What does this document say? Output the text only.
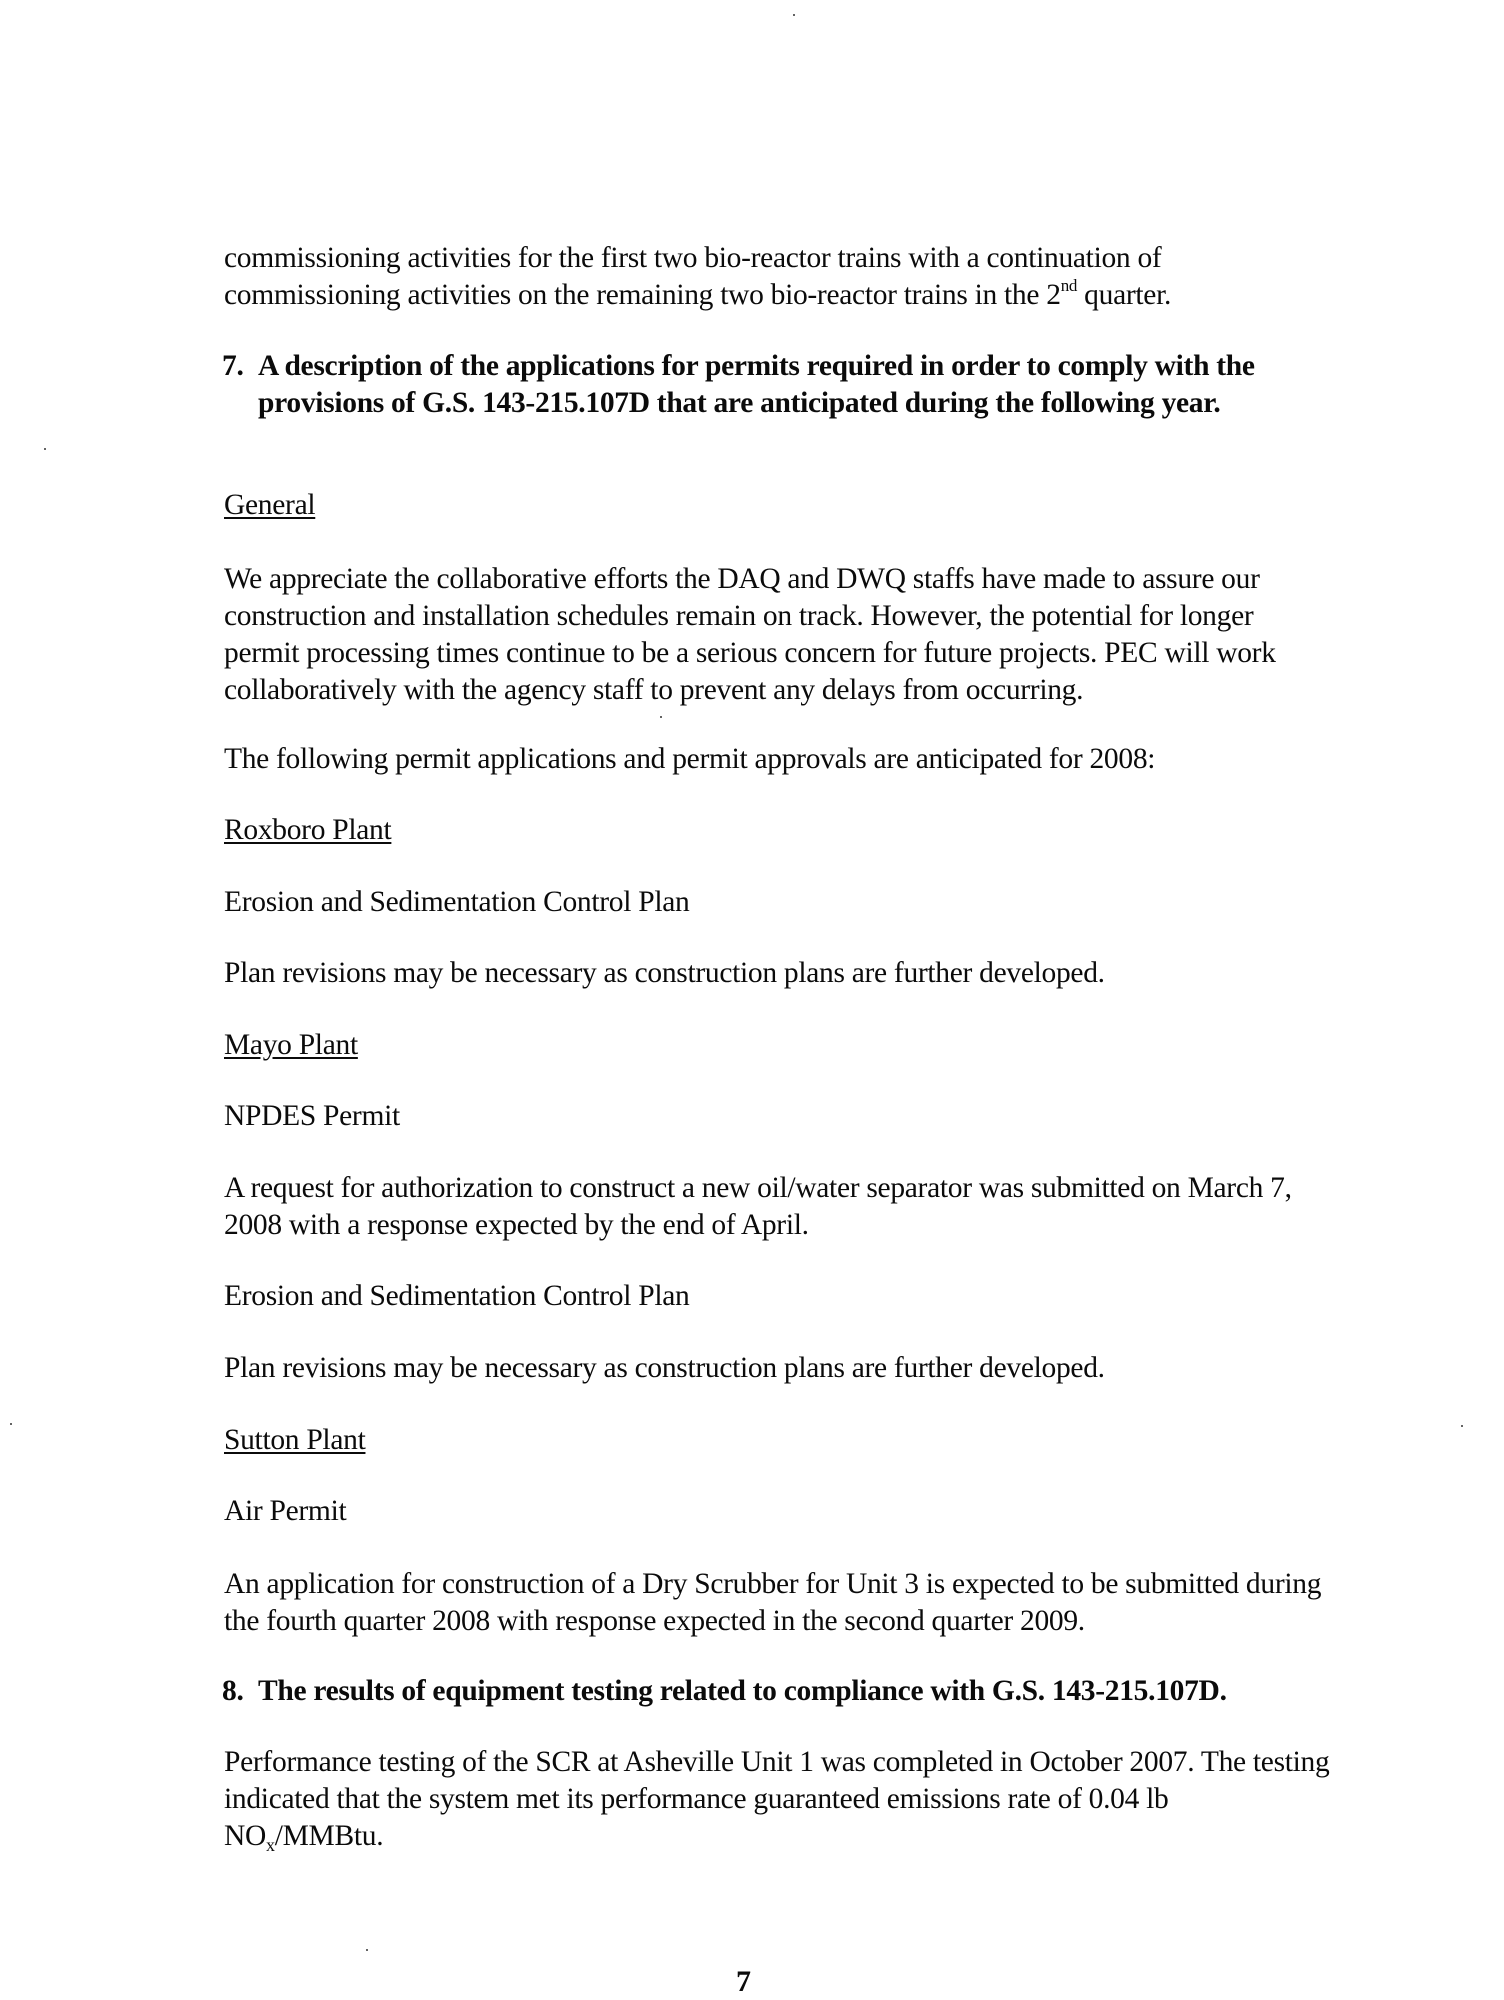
commissioning activities for the first two bio-reactor trains with a continuation of
commissioning activities on the remaining two bio-reactor trains in the 2nd quarter.

7. A description of the applications for permits required in order to comply with the provisions of G.S. 143-215.107D that are anticipated during the following year.

General

We appreciate the collaborative efforts the DAQ and DWQ staffs have made to assure our construction and installation schedules remain on track. However, the potential for longer permit processing times continue to be a serious concern for future projects. PEC will work collaboratively with the agency staff to prevent any delays from occurring.

The following permit applications and permit approvals are anticipated for 2008:

Roxboro Plant

Erosion and Sedimentation Control Plan

Plan revisions may be necessary as construction plans are further developed.

Mayo Plant

NPDES Permit

A request for authorization to construct a new oil/water separator was submitted on March 7, 2008 with a response expected by the end of April.

Erosion and Sedimentation Control Plan

Plan revisions may be necessary as construction plans are further developed.

Sutton Plant

Air Permit

An application for construction of a Dry Scrubber for Unit 3 is expected to be submitted during the fourth quarter 2008 with response expected in the second quarter 2009.

8. The results of equipment testing related to compliance with G.S. 143-215.107D.

Performance testing of the SCR at Asheville Unit 1 was completed in October 2007. The testing indicated that the system met its performance guaranteed emissions rate of 0.04 lb $NO_x$/MMBtu.

7
